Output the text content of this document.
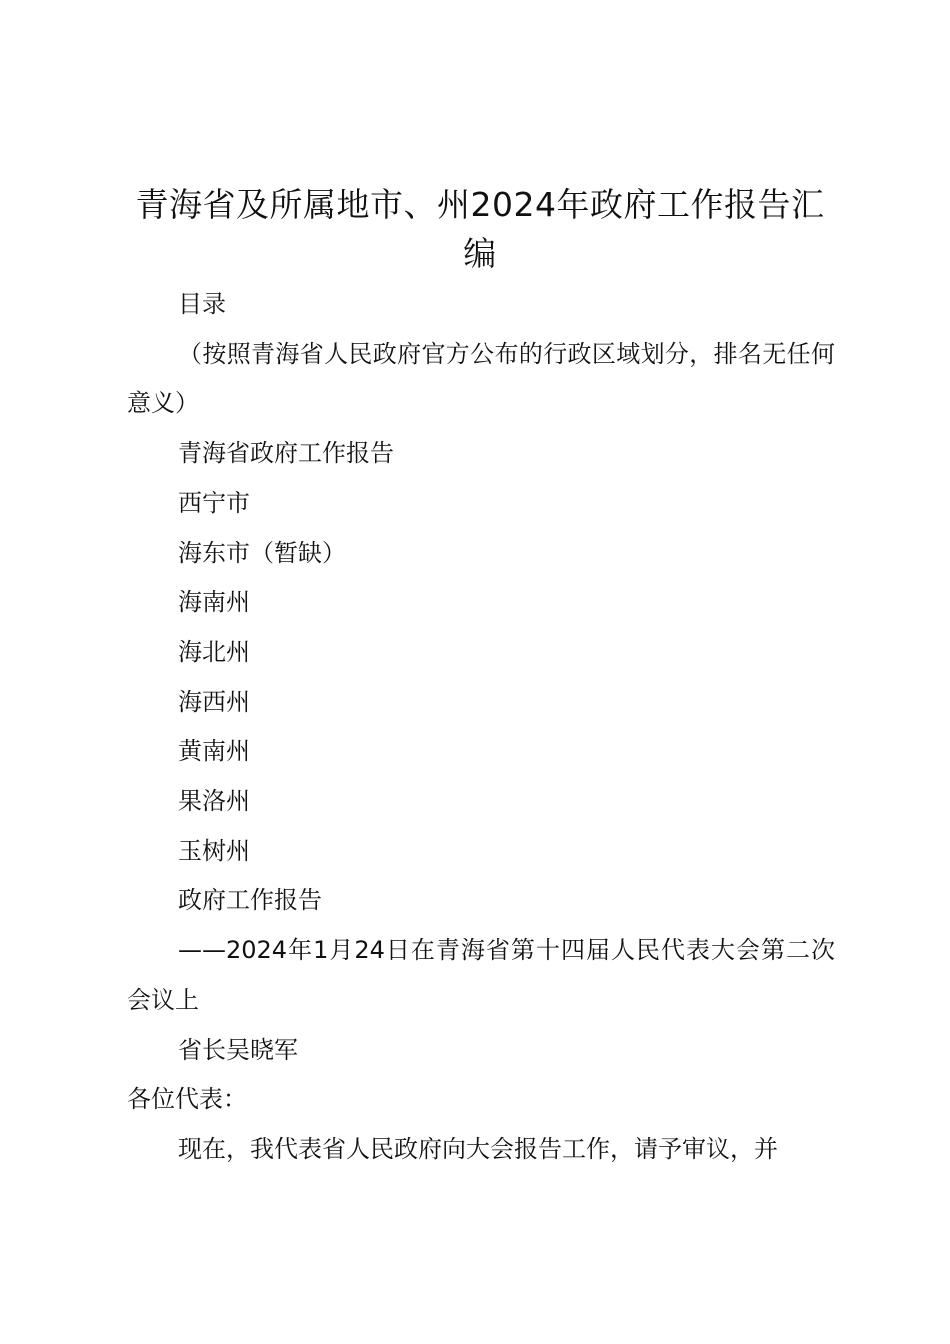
青海省及所属地市、州2024年政府工作报告汇编

目录

（按照青海省人民政府官方公布的行政区域划分，排名无任何意义）

青海省政府工作报告

西宁市

海东市（暂缺）

海南州

海北州

海西州

黄南州

果洛州

玉树州

政府工作报告

——2024年1月24日在青海省第十四届人民代表大会第二次会议上

省长吴晓军

各位代表：

现在，我代表省人民政府向大会报告工作，请予审议，并
